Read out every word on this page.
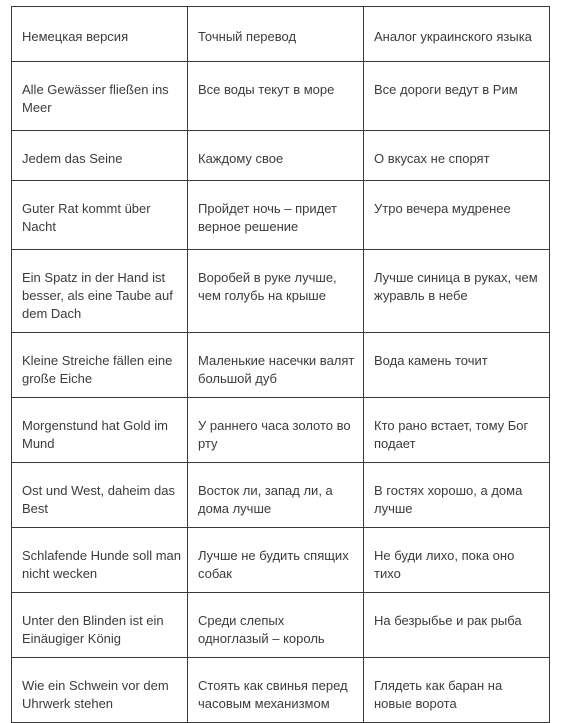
Немецкая версия	Точный перевод	Аналог украинского языка
Alle Gewässer fließen ins Meer	Все воды текут в море	Все дороги ведут в Рим
Jedem das Seine	Каждому свое	О вкусах не спорят
Guter Rat kommt über Nacht	Пройдет ночь – придет верное решение	Утро вечера мудренее
Ein Spatz in der Hand ist besser, als eine Taube auf dem Dach	Воробей в руке лучше, чем голубь на крыше	Лучше синица в руках, чем журавль в небе
Kleine Streiche fällen eine große Eiche	Маленькие насечки валят большой дуб	Вода камень точит
Morgenstund hat Gold im Mund	У раннего часа золото во рту	Кто рано встает, тому Бог подает
Ost und West, daheim das Best	Восток ли, запад ли, а дома лучше	В гостях хорошо, а дома лучше
Schlafende Hunde soll man nicht wecken	Лучше не будить спящих собак	Не буди лихо, пока оно тихо
Unter den Blinden ist ein Einäugiger König	Среди слепых одноглазый – король	На безрыбье и рак рыба
Wie ein Schwein vor dem Uhrwerk stehen	Стоять как свинья перед часовым механизмом	Глядеть как баран на новые ворота
